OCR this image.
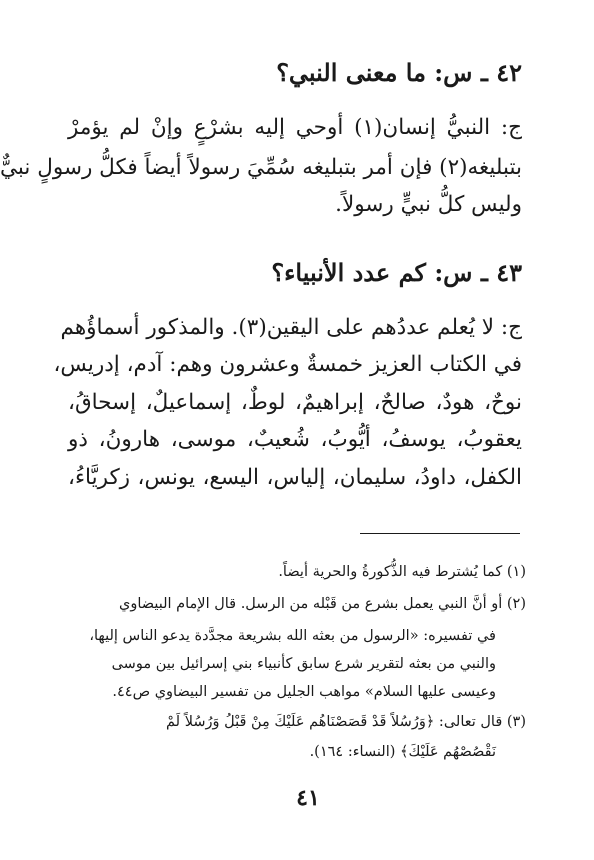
٤٢ ـ س: ما معنى النبي؟
ج: النبيُّ إنسان(١) أوحي إليه بشرْعٍ وإنْ لم يؤمرْ
بتبليغه(٢) فإن أمر بتبليغه سُمِّيَ رسولاً أيضاً فكلُّ رسولٍ نبيٌّ
وليس كلُّ نبيٍّ رسولاً.
٤٣ ـ س: كم عدد الأنبياء؟
ج: لا يُعلم عددُهم على اليقين(٣). والمذكور أسماؤُهم
في الكتاب العزيز خمسةٌ وعشرون وهم: آدم، إدريس،
نوحٌ، هودٌ، صالحٌ، إبراهيمٌ، لوطٌ، إسماعيلٌ، إسحاقُ،
يعقوبُ، يوسفُ، أيُّوبُ، شُعيبٌ، موسى، هارونُ، ذو
الكفل، داودُ، سليمان، إلياس، اليسع، يونس، زكريَّاءُ،
(١) كما يُشترط فيه الذُّكورةُ والحرية أيضاً.
(٢) أو أنَّ النبي يعمل بشرع من قَبْله من الرسل. قال الإمام البيضاوي
في تفسيره: «الرسول من بعثه الله بشريعة مجدَّدة يدعو الناس إليها،
والنبي من بعثه لتقرير شرع سابق كأنبياء بني إسرائيل بين موسى
وعيسى عليها السلام» مواهب الجليل من تفسير البيضاوي ص٤٤.
(٣) قال تعالى: ﴿وَرُسُلاً قَدْ قَصَصْنَاهُم عَلَيْكَ مِنْ قَبْلُ وَرُسُلاً لَمْ
نَقْصُصْهُم عَلَيْكَ﴾ (النساء: ١٦٤).
٤١
